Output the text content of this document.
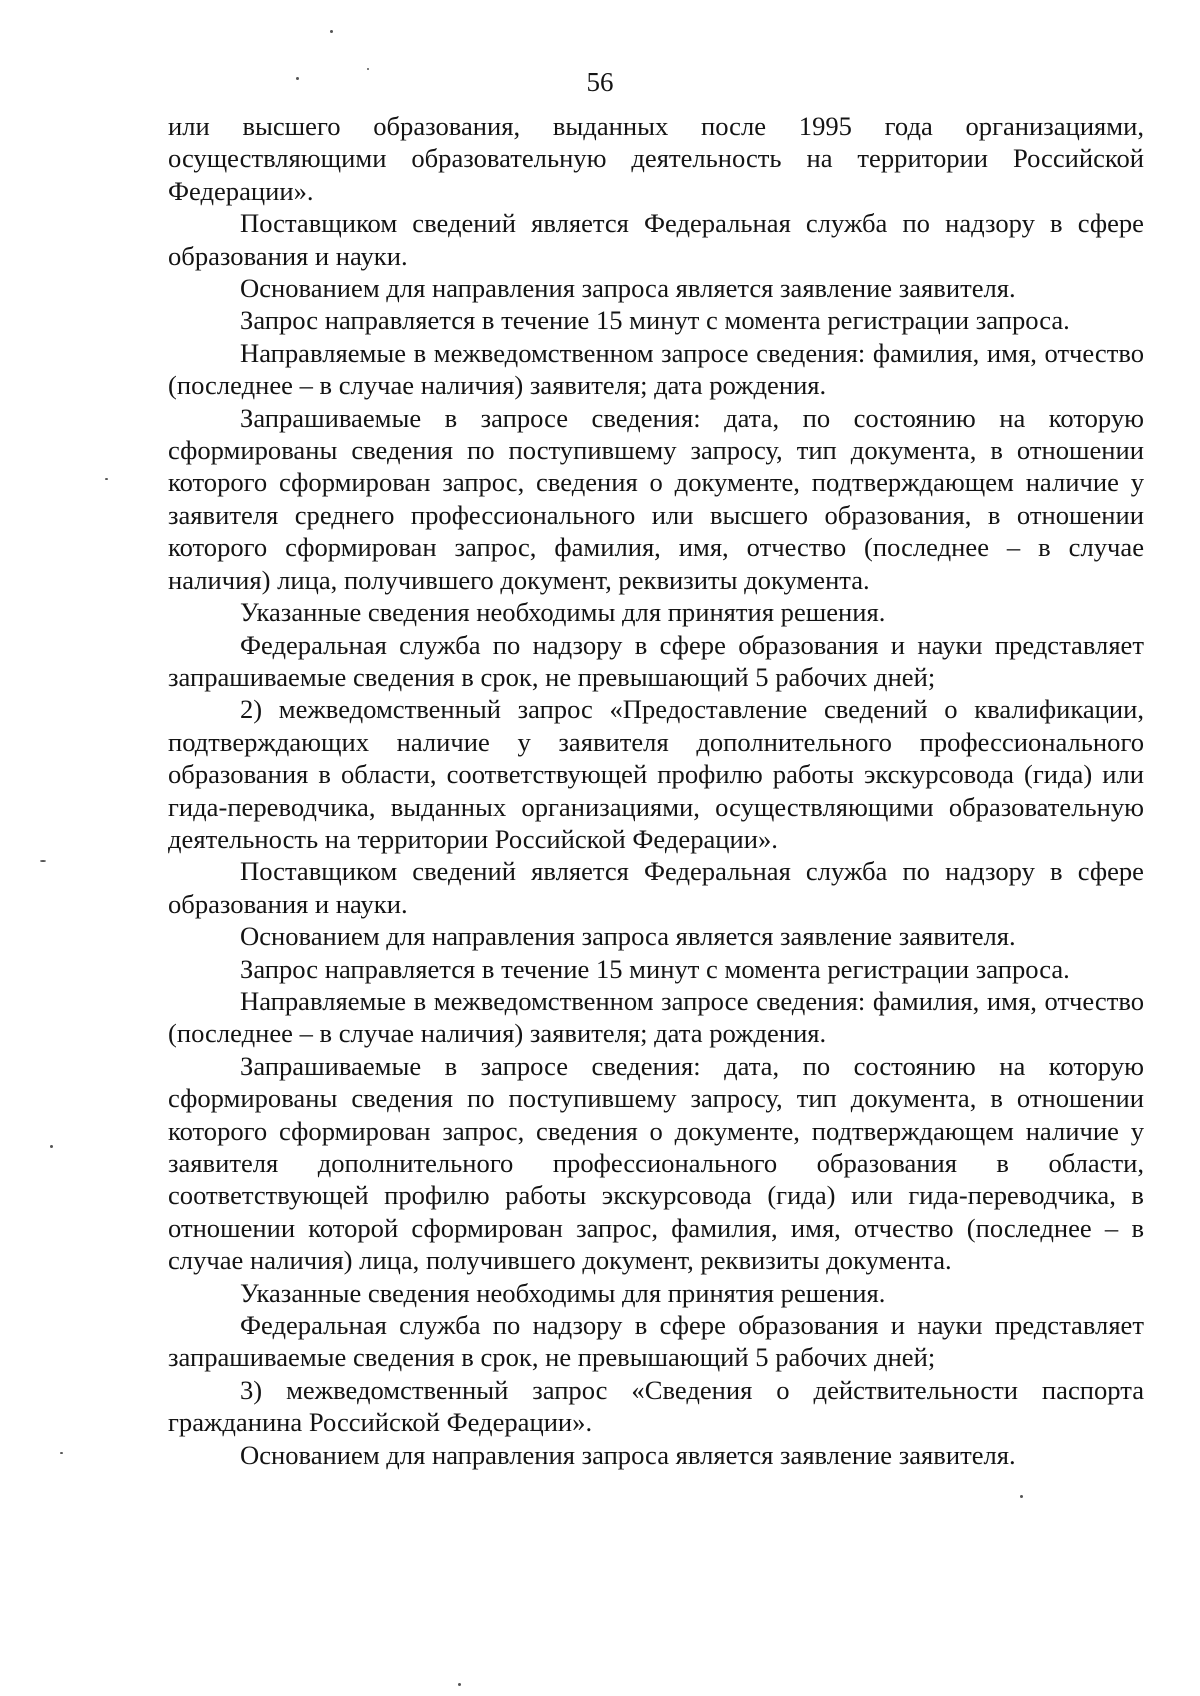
56

или высшего образования, выданных после 1995 года организациями, осуществляющими образовательную деятельность на территории Российской Федерации».

Поставщиком сведений является Федеральная служба по надзору в сфере образования и науки.

Основанием для направления запроса является заявление заявителя.

Запрос направляется в течение 15 минут с момента регистрации запроса.

Направляемые в межведомственном запросе сведения: фамилия, имя, отчество (последнее – в случае наличия) заявителя; дата рождения.

Запрашиваемые в запросе сведения: дата, по состоянию на которую сформированы сведения по поступившему запросу, тип документа, в отношении которого сформирован запрос, сведения о документе, подтверждающем наличие у заявителя среднего профессионального или высшего образования, в отношении которого сформирован запрос, фамилия, имя, отчество (последнее – в случае наличия) лица, получившего документ, реквизиты документа.

Указанные сведения необходимы для принятия решения.

Федеральная служба по надзору в сфере образования и науки представляет запрашиваемые сведения в срок, не превышающий 5 рабочих дней;

2) межведомственный запрос «Предоставление сведений о квалификации, подтверждающих наличие у заявителя дополнительного профессионального образования в области, соответствующей профилю работы экскурсовода (гида) или гида-переводчика, выданных организациями, осуществляющими образовательную деятельность на территории Российской Федерации».

Поставщиком сведений является Федеральная служба по надзору в сфере образования и науки.

Основанием для направления запроса является заявление заявителя.

Запрос направляется в течение 15 минут с момента регистрации запроса.

Направляемые в межведомственном запросе сведения: фамилия, имя, отчество (последнее – в случае наличия) заявителя; дата рождения.

Запрашиваемые в запросе сведения: дата, по состоянию на которую сформированы сведения по поступившему запросу, тип документа, в отношении которого сформирован запрос, сведения о документе, подтверждающем наличие у заявителя дополнительного профессионального образования в области, соответствующей профилю работы экскурсовода (гида) или гида-переводчика, в отношении которой сформирован запрос, фамилия, имя, отчество (последнее – в случае наличия) лица, получившего документ, реквизиты документа.

Указанные сведения необходимы для принятия решения.

Федеральная служба по надзору в сфере образования и науки представляет запрашиваемые сведения в срок, не превышающий 5 рабочих дней;

3) межведомственный запрос «Сведения о действительности паспорта гражданина Российской Федерации».

Основанием для направления запроса является заявление заявителя.
